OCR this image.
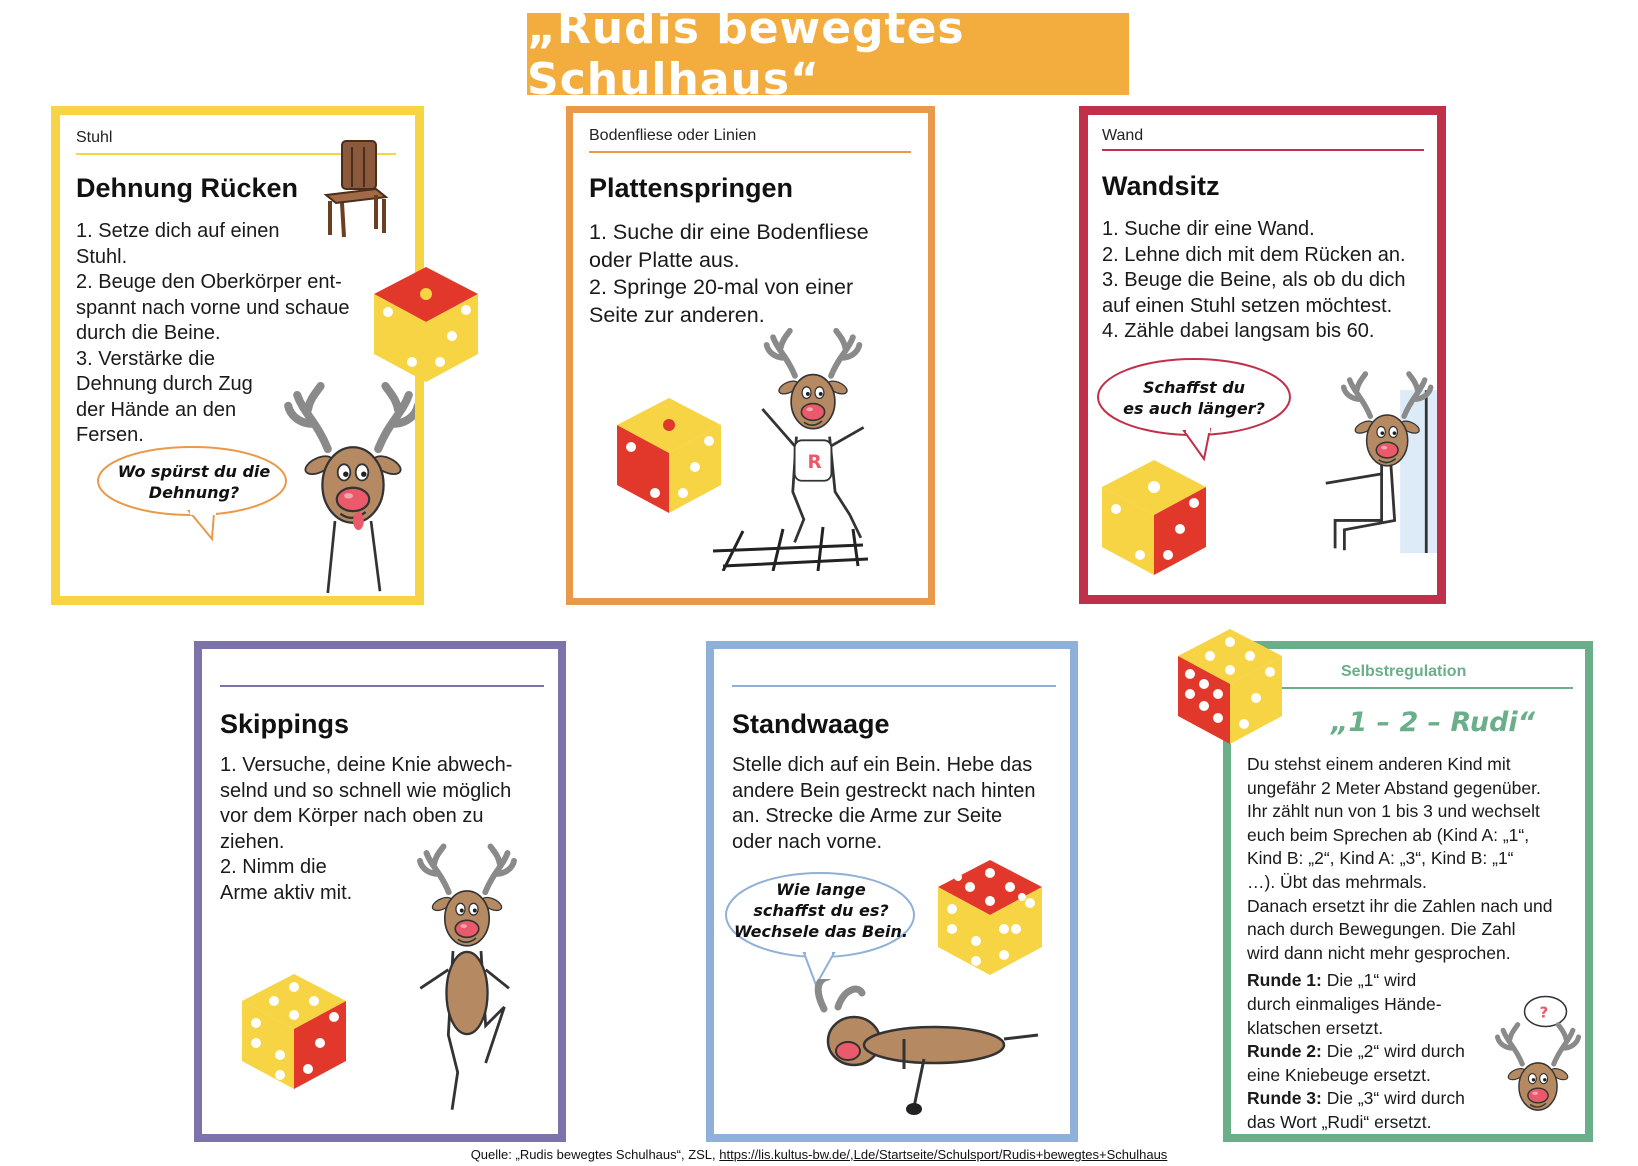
„Rudis bewegtes Schulhaus“
Stuhl
Dehnung Rücken

1. Setze dich auf einen

Stuhl.

2. Beuge den Oberkörper ent-

spannt nach vorne und schaue

durch die Beine.

3. Verstärke die

Dehnung durch Zug

der Hände an den

Fersen.

Wo spürst du die
Dehnung?
Bodenfliese oder Linien
Plattenspringen

1. Suche dir eine Bodenfliese

oder Platte aus.

2. Springe 20-mal von einer

Seite zur anderen.

R
Wand
Wandsitz

1. Suche dir eine Wand.

2. Lehne dich mit dem Rücken an.

3. Beuge die Beine, als ob du dich

auf einen Stuhl setzen möchtest.

4. Zähle dabei langsam bis 60.

Schaffst du
es auch länger?
Skippings

1. Versuche, deine Knie abwech-

selnd und so schnell wie möglich

vor dem Körper nach oben zu

ziehen.

2. Nimm die

Arme aktiv mit.

Standwaage

Stelle dich auf ein Bein. Hebe das

andere Bein gestreckt nach hinten

an. Strecke die Arme zur Seite

oder nach vorne.

Wie lange
schaffst du es?
Wechsele das Bein.
Selbstregulation
„1 – 2 – Rudi“

Du stehst einem anderen Kind mit

ungefähr 2 Meter Abstand gegenüber.

Ihr zählt nun von 1 bis 3 und wechselt

euch beim Sprechen ab (Kind A: „1“,

Kind B: „2“, Kind A: „3“, Kind B: „1“

…). Übt das mehrmals.

Danach ersetzt ihr die Zahlen nach und

nach durch Bewegungen. Die Zahl

wird dann nicht mehr gesprochen.

Runde 1: Die „1“ wird

durch einmaliges Hände-

klatschen ersetzt.

Runde 2: Die „2“ wird durch

eine Kniebeuge ersetzt.

Runde 3: Die „3“ wird durch

das Wort „Rudi“ ersetzt.

?
Quelle: „Rudis bewegtes Schulhaus“, ZSL, https://lis.kultus-bw.de/,Lde/Startseite/Schulsport/Rudis+bewegtes+Schulhaus
